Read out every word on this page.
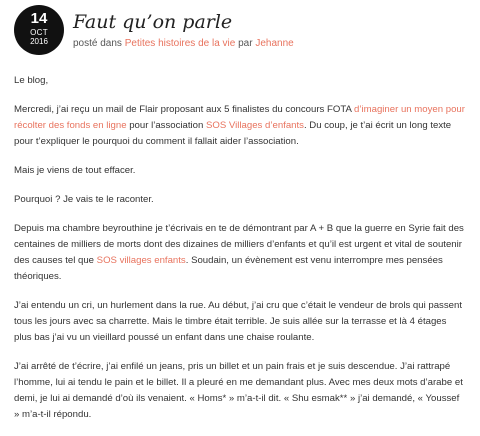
14
OCT
2016
Faut qu’on parle
posté dans Petites histoires de la vie par Jehanne

Le blog,

Mercredi, j’ai reçu un mail de Flair proposant aux 5 finalistes du concours FOTA d’imaginer un moyen pour récolter des fonds en ligne pour l’association SOS Villages d’enfants. Du coup, je t’ai écrit un long texte pour t’expliquer le pourquoi du comment il fallait aider l’association.

Mais je viens de tout effacer.

Pourquoi ? Je vais te le raconter.

Depuis ma chambre beyrouthine je t’écrivais en te de démontrant par A + B que la guerre en Syrie fait des centaines de milliers de morts dont des dizaines de milliers d’enfants et qu’il est urgent et vital de soutenir des causes tel que SOS villages enfants. Soudain, un évènement est venu interrompre mes pensées théoriques.

J’ai entendu un cri, un hurlement dans la rue. Au début, j’ai cru que c’était le vendeur de brols qui passent tous les jours avec sa charrette. Mais le timbre était terrible. Je suis allée sur la terrasse et là 4 étages plus bas j’ai vu un vieillard poussé un enfant dans une chaise roulante.

J’ai arrêté de t’écrire, j’ai enfilé un jeans, pris un billet et un pain frais et je suis descendue. J’ai rattrapé l’homme, lui ai tendu le pain et le billet. Il a pleuré en me demandant plus. Avec mes deux mots d’arabe et demi, je lui ai demandé d’où ils venaient. « Homs* » m’a-t-il dit. « Shu esmak** » j’ai demandé, « Youssef » m’a-t-il répondu.
